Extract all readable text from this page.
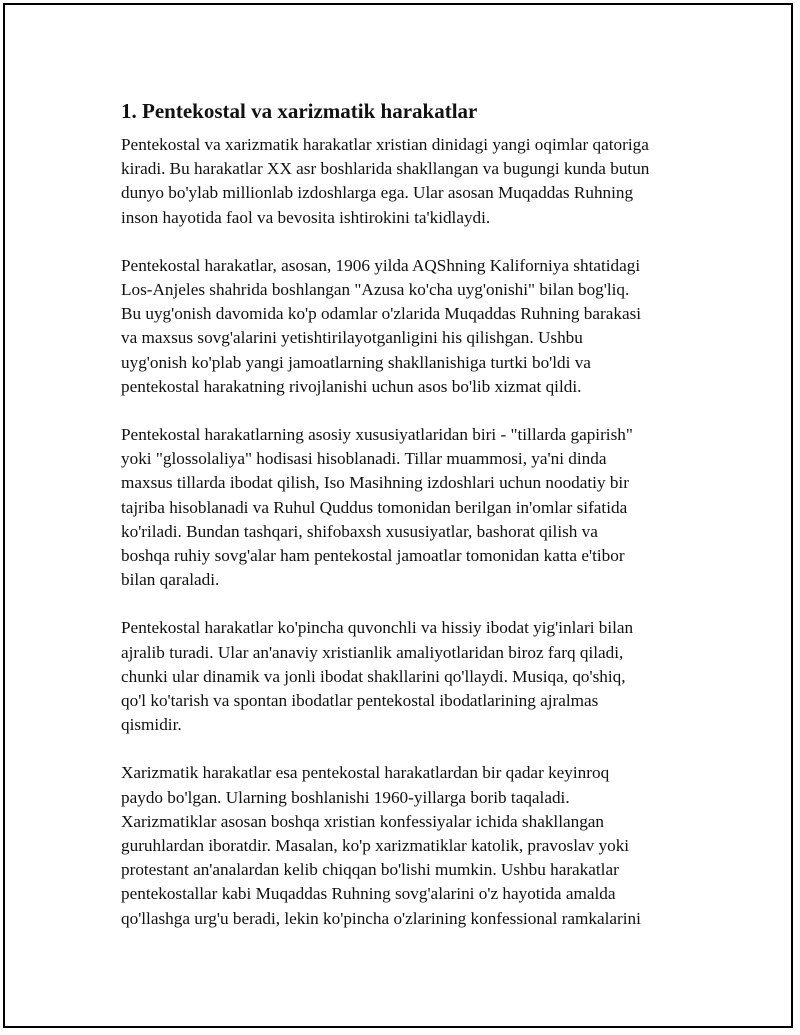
1. Pentekostal va xarizmatik harakatlar

Pentekostal va xarizmatik harakatlar xristian dinidagi yangi oqimlar qatoriga
kiradi. Bu harakatlar XX asr boshlarida shakllangan va bugungi kunda butun
dunyo bo'ylab millionlab izdoshlarga ega. Ular asosan Muqaddas Ruhning
inson hayotida faol va bevosita ishtirokini ta'kidlaydi.

Pentekostal harakatlar, asosan, 1906 yilda AQShning Kaliforniya shtatidagi
Los-Anjeles shahrida boshlangan "Azusa ko'cha uyg'onishi" bilan bog'liq.
Bu uyg'onish davomida ko'p odamlar o'zlarida Muqaddas Ruhning barakasi
va maxsus sovg'alarini yetishtirilayotganligini his qilishgan. Ushbu
uyg'onish ko'plab yangi jamoatlarning shakllanishiga turtki bo'ldi va
pentekostal harakatning rivojlanishi uchun asos bo'lib xizmat qildi.

Pentekostal harakatlarning asosiy xususiyatlaridan biri - "tillarda gapirish"
yoki "glossolaliya" hodisasi hisoblanadi. Tillar muammosi, ya'ni dinda
maxsus tillarda ibodat qilish, Iso Masihning izdoshlari uchun noodatiy bir
tajriba hisoblanadi va Ruhul Quddus tomonidan berilgan in'omlar sifatida
ko'riladi. Bundan tashqari, shifobaxsh xususiyatlar, bashorat qilish va
boshqa ruhiy sovg'alar ham pentekostal jamoatlar tomonidan katta e'tibor
bilan qaraladi.

Pentekostal harakatlar ko'pincha quvonchli va hissiy ibodat yig'inlari bilan
ajralib turadi. Ular an'anaviy xristianlik amaliyotlaridan biroz farq qiladi,
chunki ular dinamik va jonli ibodat shakllarini qo'llaydi. Musiqa, qo'shiq,
qo'l ko'tarish va spontan ibodatlar pentekostal ibodatlarining ajralmas
qismidir.

Xarizmatik harakatlar esa pentekostal harakatlardan bir qadar keyinroq
paydo bo'lgan. Ularning boshlanishi 1960-yillarga borib taqaladi.
Xarizmatiklar asosan boshqa xristian konfessiyalar ichida shakllangan
guruhlardan iboratdir. Masalan, ko'p xarizmatiklar katolik, pravoslav yoki
protestant an'analardan kelib chiqqan bo'lishi mumkin. Ushbu harakatlar
pentekostallar kabi Muqaddas Ruhning sovg'alarini o'z hayotida amalda
qo'llashga urg'u beradi, lekin ko'pincha o'zlarining konfessional ramkalarini
